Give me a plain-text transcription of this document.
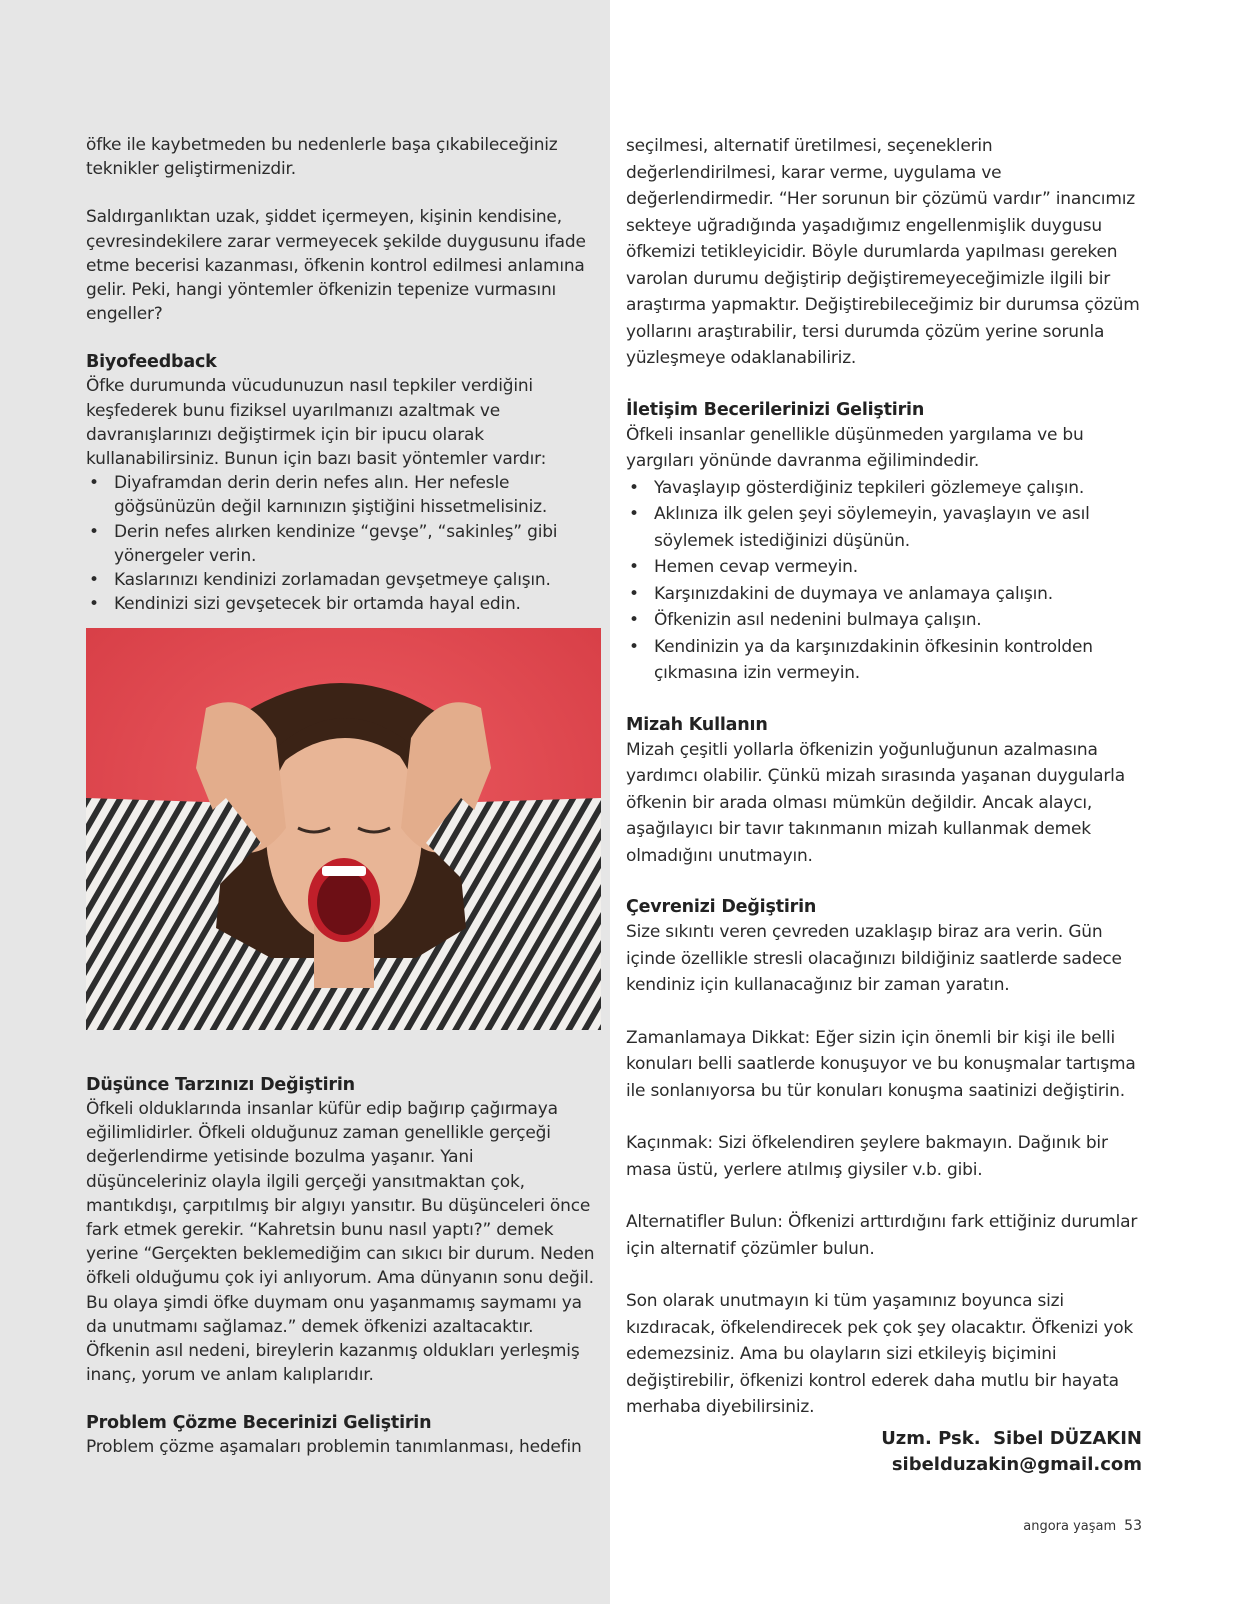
öfke ile kaybetmeden bu nedenlerle başa çıkabileceğiniz teknikler geliştirmenizdir.

Saldırganlıktan uzak, şiddet içermeyen, kişinin kendisine, çevresindekilere zarar vermeyecek şekilde duygusunu ifade etme becerisi kazanması, öfkenin kontrol edilmesi anlamına gelir. Peki, hangi yöntemler öfkenizin tepenize vurmasını engeller?

Biyofeedback

Öfke durumunda vücudunuzun nasıl tepkiler verdiğini keşfederek bunu fiziksel uyarılmanızı azaltmak ve davranışlarınızı değiştirmek için bir ipucu olarak kullanabilirsiniz. Bunun için bazı basit yöntemler vardır:

• Diyaframdan derin derin nefes alın. Her nefesle göğsünüzün değil karnınızın şiştiğini hissetmelisiniz.
• Derin nefes alırken kendinize “gevşe”, “sakinleş” gibi yönergeler verin.
• Kaslarınızı kendinizi zorlamadan gevşetmeye çalışın.
• Kendinizi sizi gevşetecek bir ortamda hayal edin.
Düşünce Tarzınızı Değiştirin

Öfkeli olduklarında insanlar küfür edip bağırıp çağırmaya eğilimlidirler. Öfkeli olduğunuz zaman genellikle gerçeği değerlendirme yetisinde bozulma yaşanır. Yani düşünceleriniz olayla ilgili gerçeği yansıtmaktan çok, mantıkdışı, çarpıtılmış bir algıyı yansıtır. Bu düşünceleri önce fark etmek gerekir. “Kahretsin bunu nasıl yaptı?” demek yerine “Gerçekten beklemediğim can sıkıcı bir durum. Neden öfkeli olduğumu çok iyi anlıyorum. Ama dünyanın sonu değil. Bu olaya şimdi öfke duymam onu yaşanmamış saymamı ya da unutmamı sağlamaz.” demek öfkenizi azaltacaktır. Öfkenin asıl nedeni, bireylerin kazanmış oldukları yerleşmiş inanç, yorum ve anlam kalıplarıdır.

Problem Çözme Becerinizi Geliştirin

Problem çözme aşamaları problemin tanımlanması, hedefin

seçilmesi, alternatif üretilmesi, seçeneklerin değerlendirilmesi, karar verme, uygulama ve değerlendirmedir. “Her sorunun bir çözümü vardır” inancımız sekteye uğradığında yaşadığımız engellenmişlik duygusu öfkemizi tetikleyicidir. Böyle durumlarda yapılması gereken varolan durumu değiştirip değiştiremeyeceğimizle ilgili bir araştırma yapmaktır. Değiştirebileceğimiz bir durumsa çözüm yollarını araştırabilir, tersi durumda çözüm yerine sorunla yüzleşmeye odaklanabiliriz.

İletişim Becerilerinizi Geliştirin

Öfkeli insanlar genellikle düşünmeden yargılama ve bu yargıları yönünde davranma eğilimindedir.

• Yavaşlayıp gösterdiğiniz tepkileri gözlemeye çalışın.
• Aklınıza ilk gelen şeyi söylemeyin, yavaşlayın ve asıl söylemek istediğinizi düşünün.
• Hemen cevap vermeyin.
• Karşınızdakini de duymaya ve anlamaya çalışın.
• Öfkenizin asıl nedenini bulmaya çalışın.
• Kendinizin ya da karşınızdakinin öfkesinin kontrolden çıkmasına izin vermeyin.
Mizah Kullanın

Mizah çeşitli yollarla öfkenizin yoğunluğunun azalmasına yardımcı olabilir. Çünkü mizah sırasında yaşanan duygularla öfkenin bir arada olması mümkün değildir. Ancak alaycı, aşağılayıcı bir tavır takınmanın mizah kullanmak demek olmadığını unutmayın.

Çevrenizi Değiştirin

Size sıkıntı veren çevreden uzaklaşıp biraz ara verin. Gün içinde özellikle stresli olacağınızı bildiğiniz saatlerde sadece kendiniz için kullanacağınız bir zaman yaratın.

Zamanlamaya Dikkat: Eğer sizin için önemli bir kişi ile belli konuları belli saatlerde konuşuyor ve bu konuşmalar tartışma ile sonlanıyorsa bu tür konuları konuşma saatinizi değiştirin.

Kaçınmak: Sizi öfkelendiren şeylere bakmayın. Dağınık bir masa üstü, yerlere atılmış giysiler v.b. gibi.

Alternatifler Bulun: Öfkenizi arttırdığını fark ettiğiniz durumlar için alternatif çözümler bulun.

Son olarak unutmayın ki tüm yaşamınız boyunca sizi kızdıracak, öfkelendirecek pek çok şey olacaktır. Öfkenizi yok edemezsiniz. Ama bu olayların sizi etkileyiş biçimini değiştirebilir, öfkenizi kontrol ederek daha mutlu bir hayata merhaba diyebilirsiniz.

Uzm. Psk.  Sibel DÜZAKIN
sibelduzakin@gmail.com
angora yaşam 53
